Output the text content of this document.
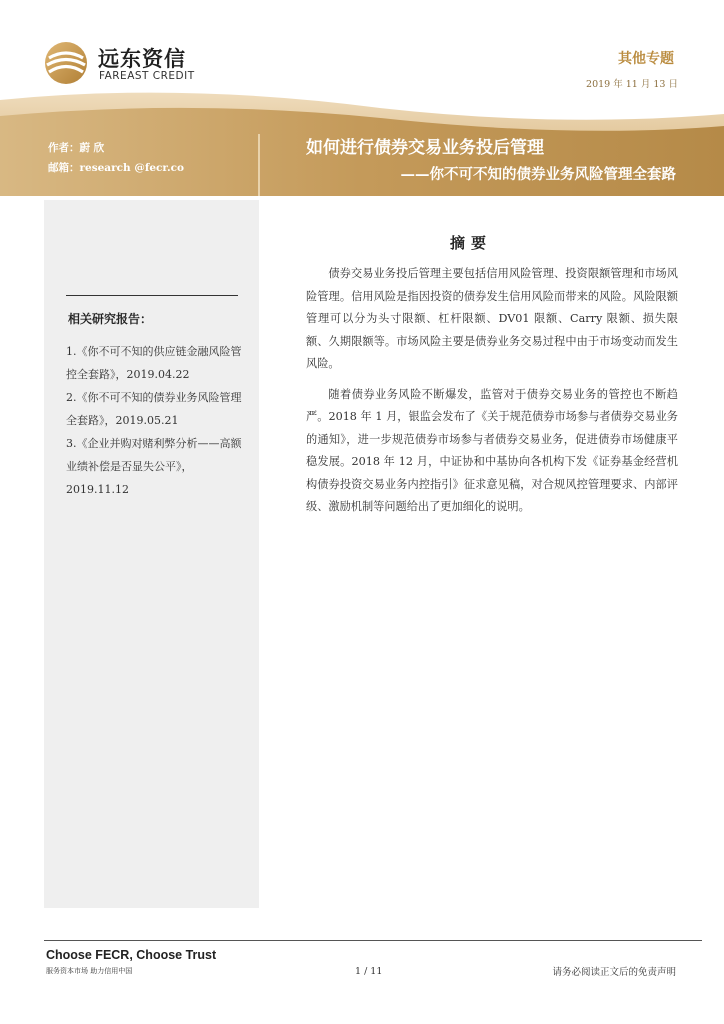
远东资信
FAREAST CREDIT
其他专题
2019 年 11 月 13 日
作者：蔚 欣
邮箱：research @fecr.co
如何进行债券交易业务投后管理
——你不可不知的债券业务风险管理全套路
相关研究报告：
1.《你不可不知的供应链金融风险管控全套路》，2019.04.22
2.《你不可不知的债券业务风险管理全套路》，2019.05.21
3.《企业并购对赌利弊分析——高额业绩补偿是否显失公平》，2019.11.12
摘要

债券交易业务投后管理主要包括信用风险管理、投资限额管理和市场风险管理。信用风险是指因投资的债券发生信用风险而带来的风险。风险限额管理可以分为头寸限额、杠杆限额、DV01 限额、Carry 限额、损失限额、久期限额等。市场风险主要是债券业务交易过程中由于市场变动而发生风险。

随着债券业务风险不断爆发，监管对于债券交易业务的管控也不断趋严。2018 年 1 月，银监会发布了《关于规范债券市场参与者债券交易业务的通知》，进一步规范债券市场参与者债券交易业务，促进债券市场健康平稳发展。2018 年 12 月，中证协和中基协向各机构下发《证券基金经营机构债券投资交易业务内控指引》征求意见稿，对合规风控管理要求、内部评级、激励机制等问题给出了更加细化的说明。

Choose FECR, Choose Trust
服务资本市场 助力信用中国	1 / 11	请务必阅读正文后的免责声明
